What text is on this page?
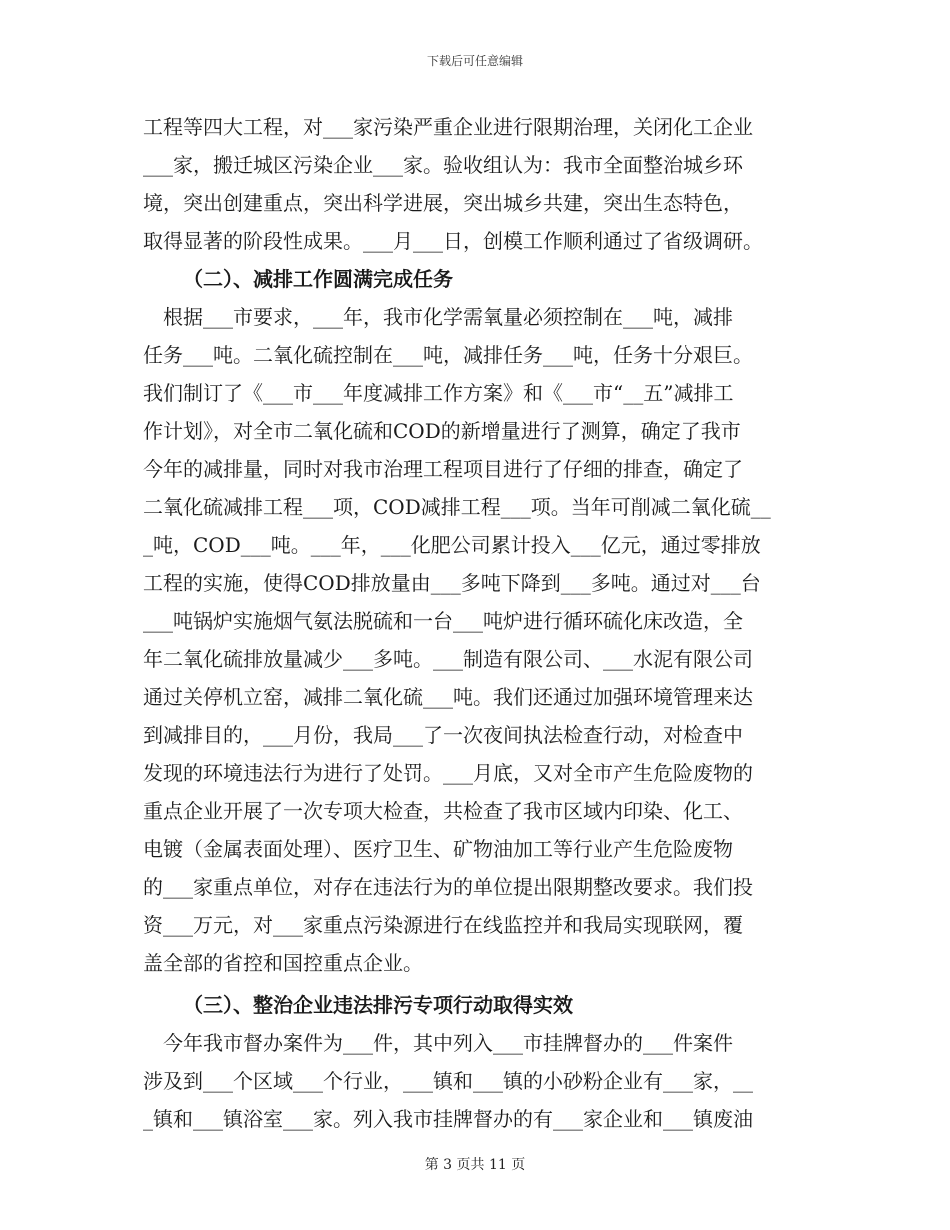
下载后可任意编辑
工程等四大工程，对___家污染严重企业进行限期治理，关闭化工企业
___家，搬迁城区污染企业___家。验收组认为：我市全面整治城乡环
境，突出创建重点，突出科学进展，突出城乡共建，突出生态特色，
取得显著的阶段性成果。___月___日，创模工作顺利通过了省级调研。
（二）、减排工作圆满完成任务
　根据___市要求，___年，我市化学需氧量必须控制在___吨，减排
任务___吨。二氧化硫控制在___吨，减排任务___吨，任务十分艰巨。
我们制订了《___市___年度减排工作方案》和《___市“__五”减排工
作计划》，对全市二氧化硫和COD的新增量进行了测算，确定了我市
今年的减排量，同时对我市治理工程项目进行了仔细的排查，确定了
二氧化硫减排工程___项，COD减排工程___项。当年可削减二氧化硫__
_吨，COD___吨。___年，___化肥公司累计投入___亿元，通过零排放
工程的实施，使得COD排放量由___多吨下降到___多吨。通过对___台
___吨锅炉实施烟气氨法脱硫和一台___吨炉进行循环硫化床改造，全
年二氧化硫排放量减少___多吨。___制造有限公司、___水泥有限公司
通过关停机立窑，减排二氧化硫___吨。我们还通过加强环境管理来达
到减排目的，___月份，我局___了一次夜间执法检查行动，对检查中
发现的环境违法行为进行了处罚。___月底，又对全市产生危险废物的
重点企业开展了一次专项大检查，共检查了我市区域内印染、化工、
电镀（金属表面处理）、医疗卫生、矿物油加工等行业产生危险废物
的___家重点单位，对存在违法行为的单位提出限期整改要求。我们投
资___万元，对___家重点污染源进行在线监控并和我局实现联网，覆
盖全部的省控和国控重点企业。
（三）、整治企业违法排污专项行动取得实效
　今年我市督办案件为___件，其中列入___市挂牌督办的___件案件
涉及到___个区域___个行业，___镇和___镇的小砂粉企业有___家，__
_镇和___镇浴室___家。列入我市挂牌督办的有___家企业和___镇废油
第 3 页共 11 页
